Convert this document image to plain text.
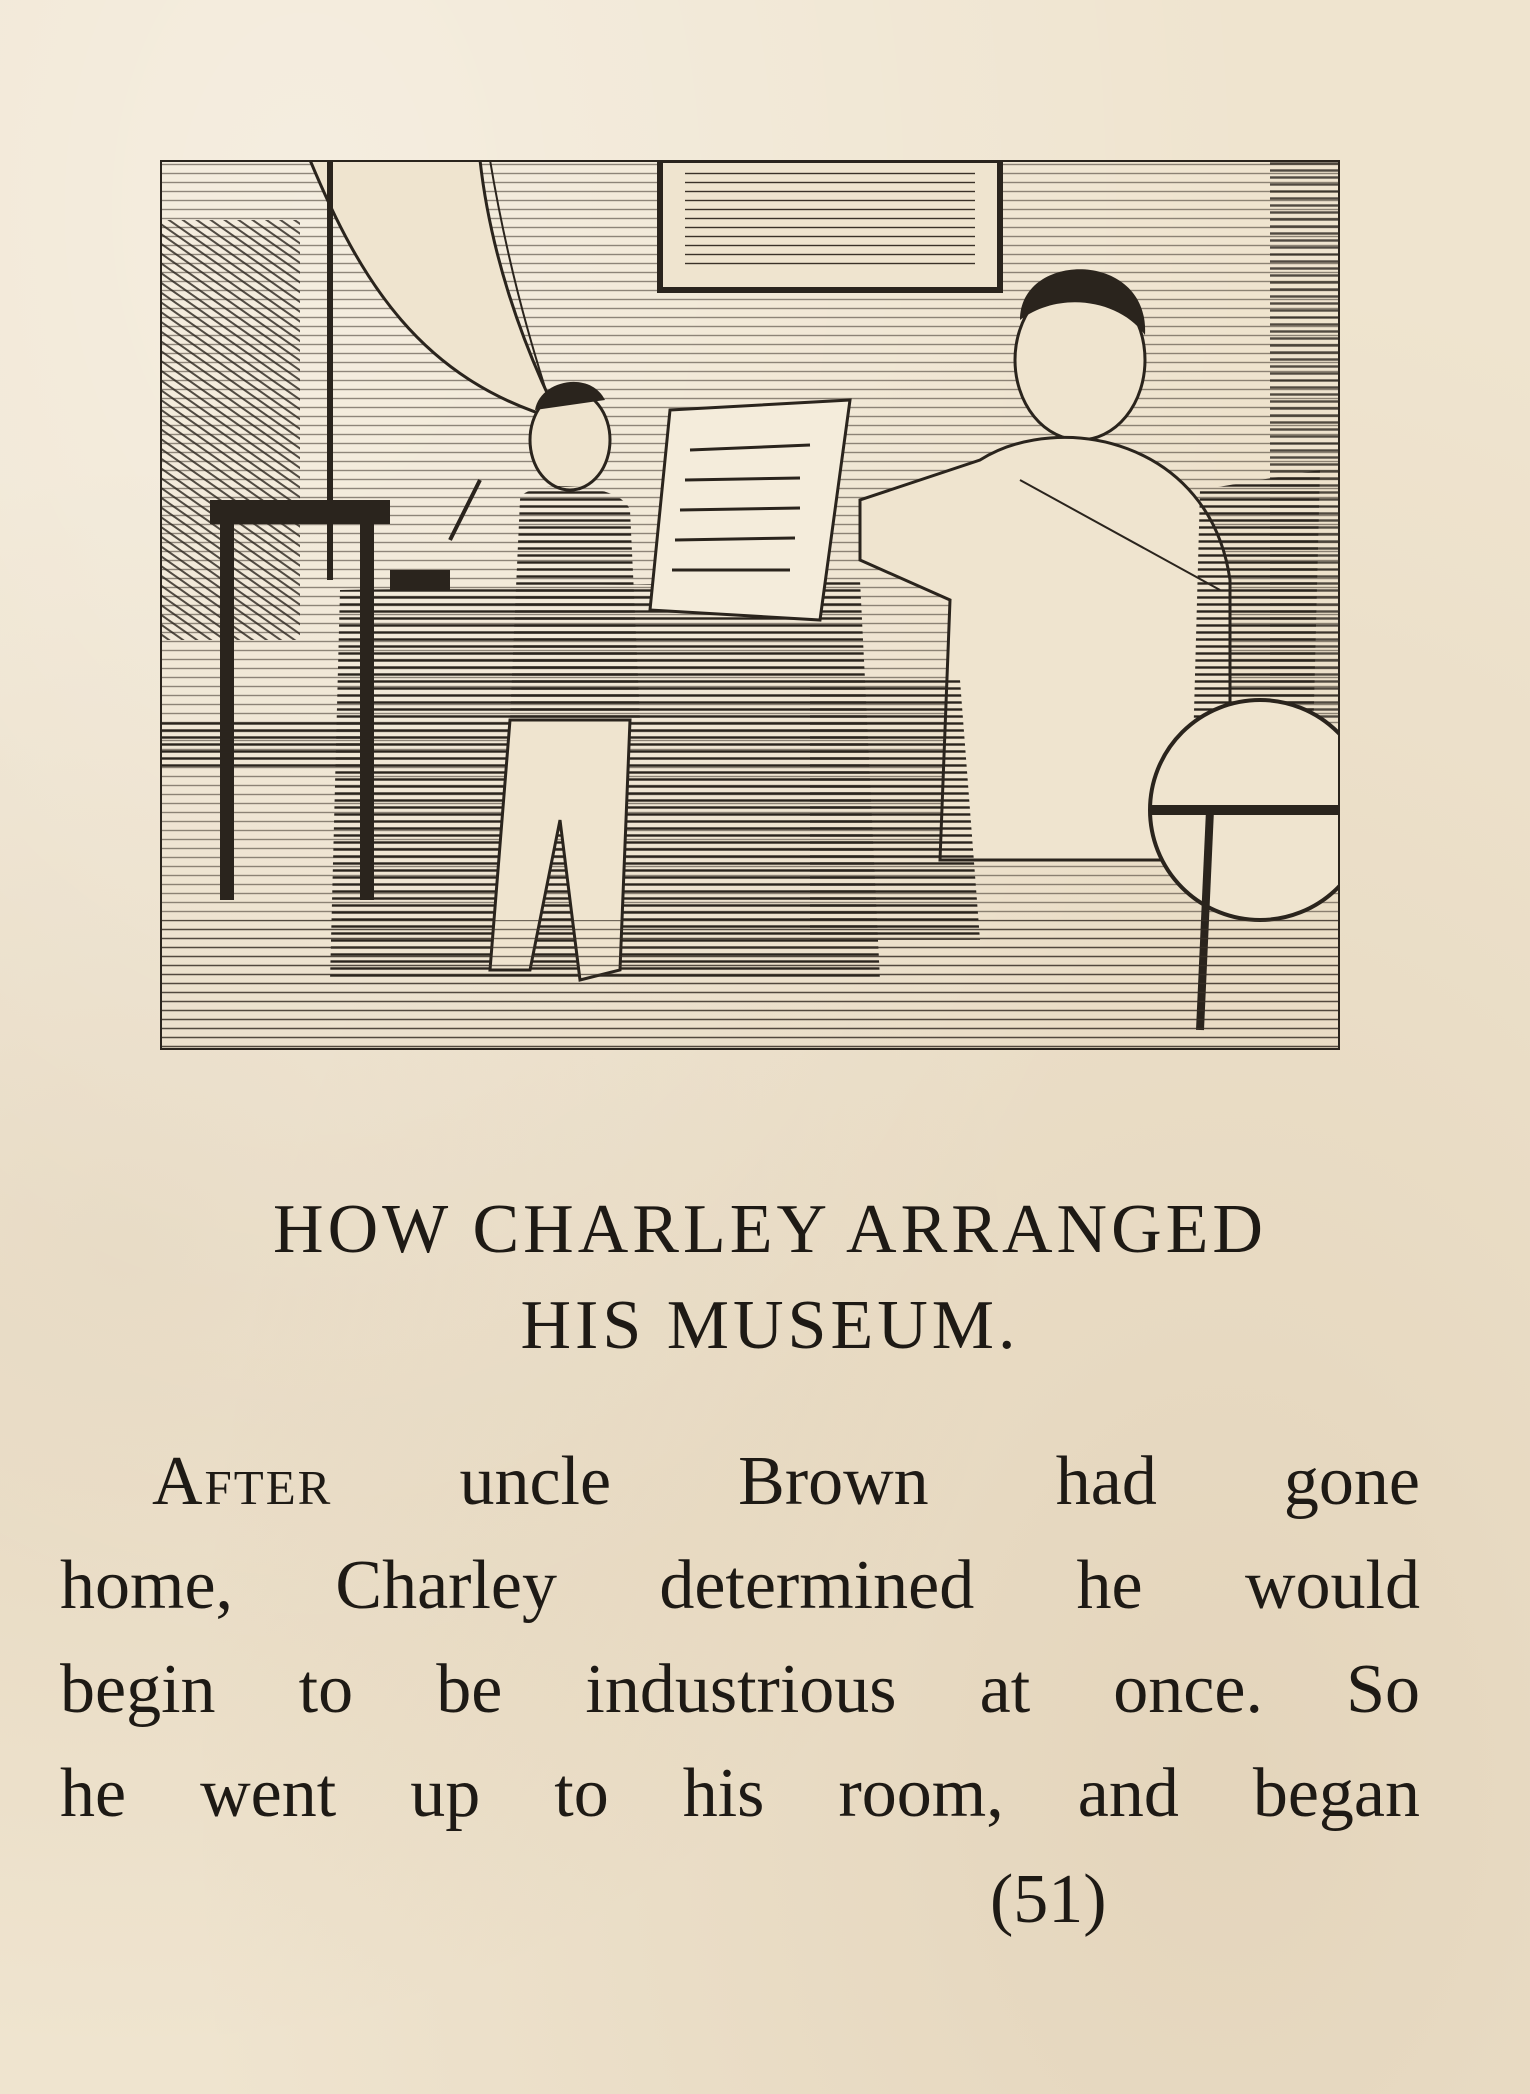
HOW CHARLEY ARRANGED
HIS MUSEUM.
After uncle Brown had gone
home, Charley determined he would
begin to be industrious at once. So
he went up to his room, and began
(51)
